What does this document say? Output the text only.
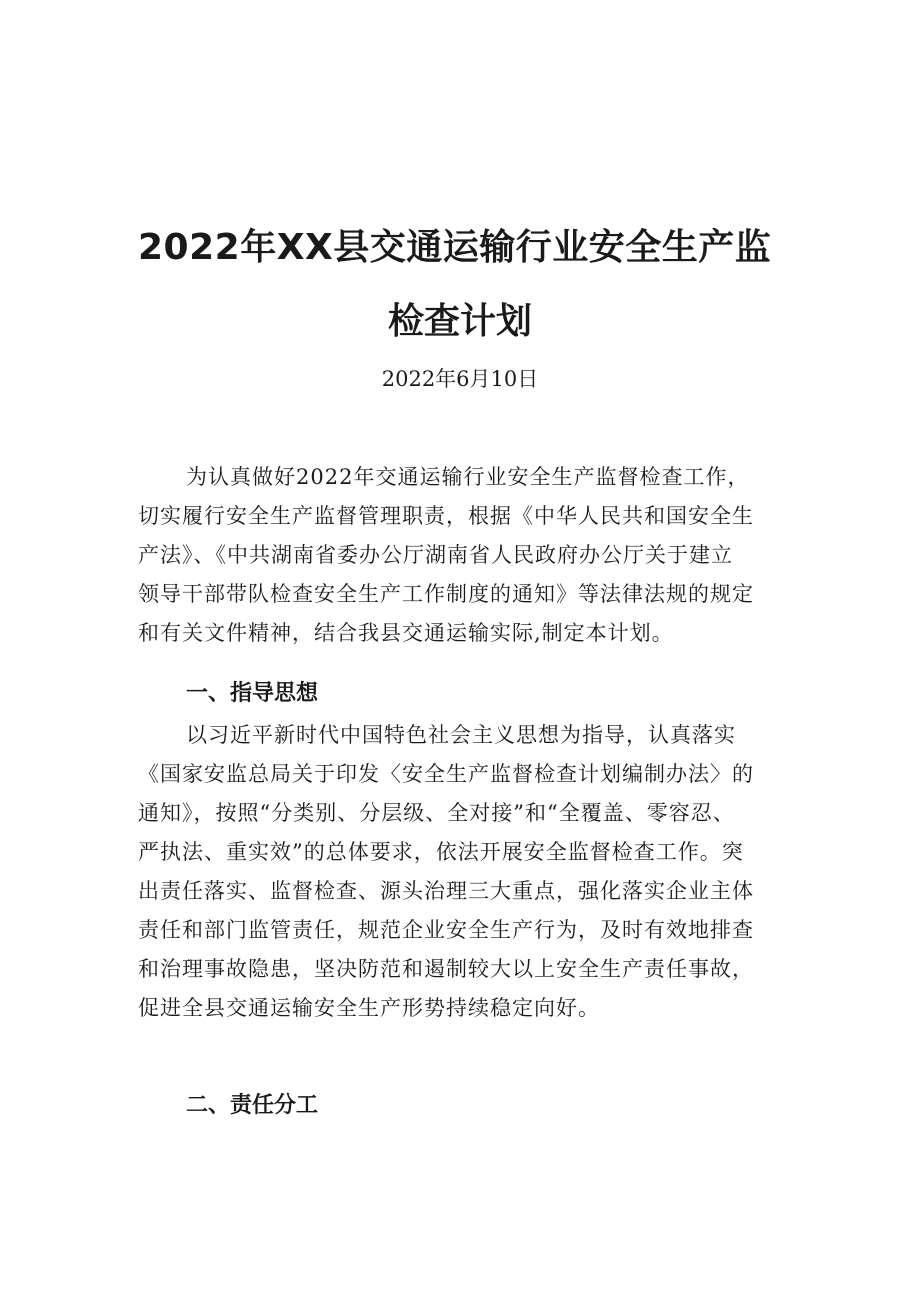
2022年XX县交通运输行业安全生产监
检查计划
2022年6月10日
为认真做好2022年交通运输行业安全生产监督检查工作，
切实履行安全生产监督管理职责，根据《中华人民共和国安全生
产法》、《中共湖南省委办公厅湖南省人民政府办公厅关于建立
领导干部带队检查安全生产工作制度的通知》等法律法规的规定
和有关文件精神，结合我县交通运输实际,制定本计划。
一、指导思想
以习近平新时代中国特色社会主义思想为指导，认真落实
《国家安监总局关于印发〈安全生产监督检查计划编制办法〉的
通知》，按照“分类别、分层级、全对接”和“全覆盖、零容忍、
严执法、重实效”的总体要求，依法开展安全监督检查工作。突
出责任落实、监督检查、源头治理三大重点，强化落实企业主体
责任和部门监管责任，规范企业安全生产行为，及时有效地排查
和治理事故隐患，坚决防范和遏制较大以上安全生产责任事故，
促进全县交通运输安全生产形势持续稳定向好。
二、责任分工
